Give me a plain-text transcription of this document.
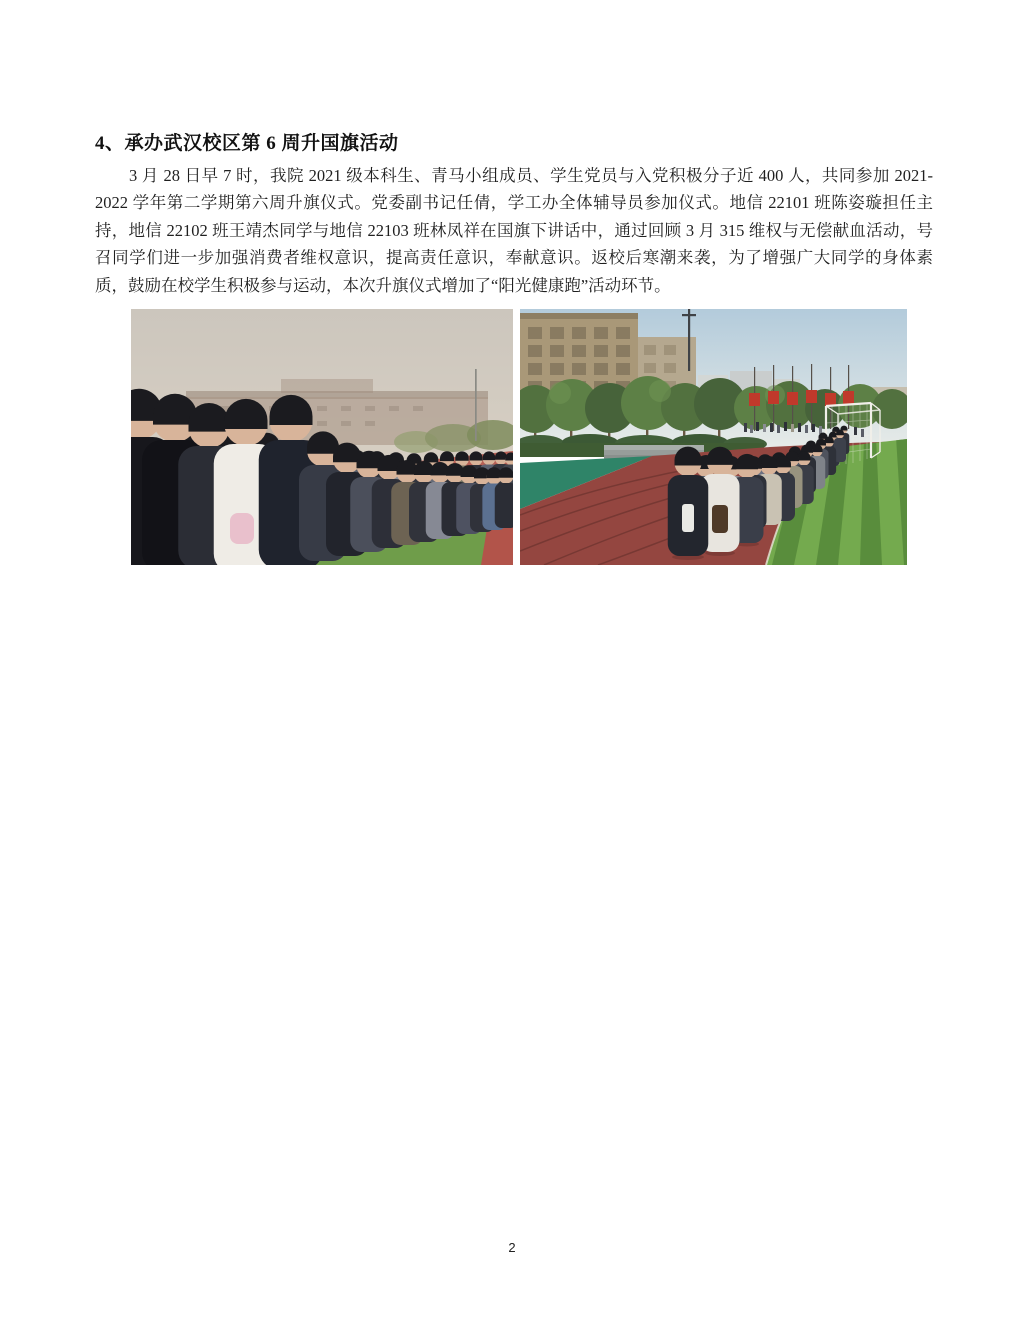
4、承办武汉校区第 6 周升国旗活动

3 月 28 日早 7 时，我院 2021 级本科生、青马小组成员、学生党员与入党积极分子近 400 人，共同参加 2021-2022 学年第二学期第六周升旗仪式。党委副书记任倩，学工办全体辅导员参加仪式。地信 22101 班陈姿璇担任主持，地信 22102 班王靖杰同学与地信 22103 班林凤祥在国旗下讲话中，通过回顾 3 月 315 维权与无偿献血活动，号召同学们进一步加强消费者维权意识，提高责任意识，奉献意识。返校后寒潮来袭，为了增强广大同学的身体素质，鼓励在校学生积极参与运动，本次升旗仪式增加了“阳光健康跑”活动环节。

2
